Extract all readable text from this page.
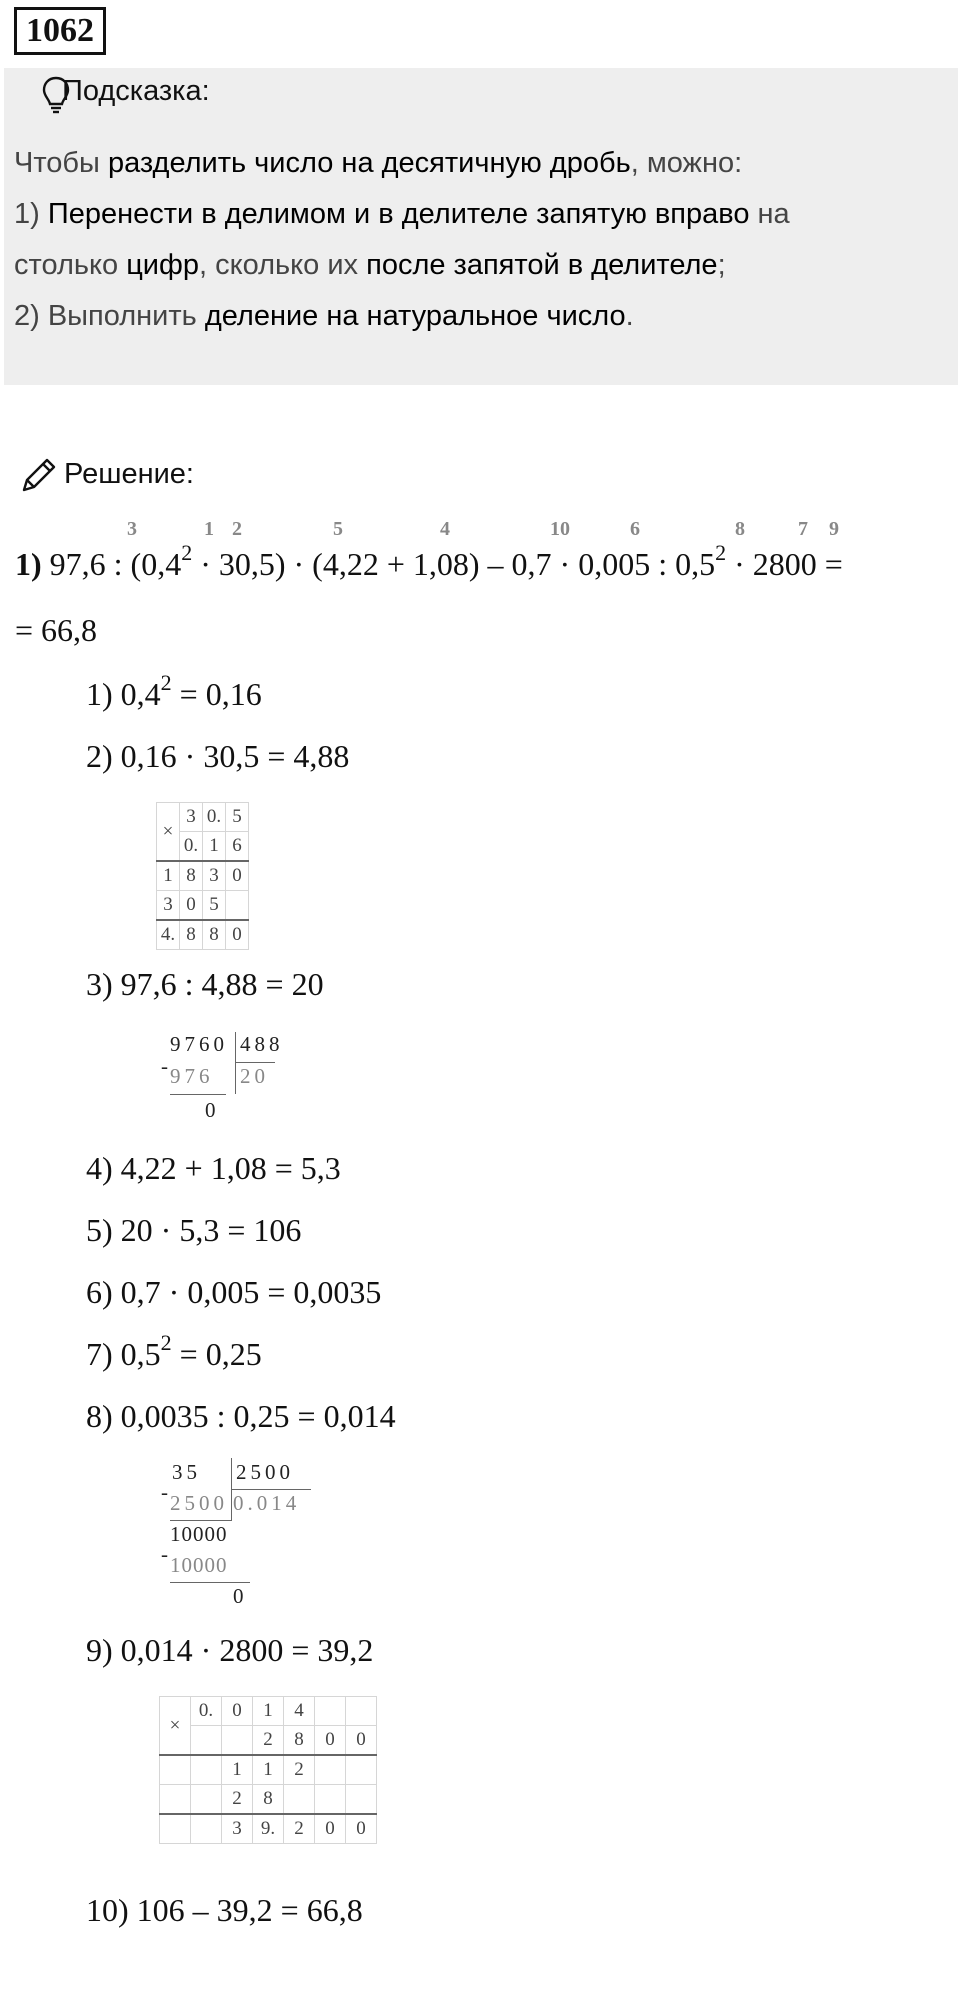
1062
Подсказка:
Чтобы разделить число на десятичную дробь, можно:
1) Перенести в делимом и в делителе запятую вправо на
столько цифр, сколько их после запятой в делителе;
2) Выполнить деление на натуральное число.
Решение:
3	1 2	5	4	10	6	8	7 9
1) 97,6 : $(0,4^2 \cdot 30,5) \cdot (4,22 + 1,08) - 0,7 \cdot 0,005$ : $0,5^2 \cdot 2800$ =
= 66,8
1) $0,4^2 = 0,16$
2) 0,16 · 30,5 = 4,88
×	3	0.	5
	0.	1	6
1	8	3	0
3	0	5	
4.	8	8	0
3) 97,6 : 4,88 = 20
9760 488
-
976 20
0
4) 4,22 + 1,08 = 5,3
5) 20 · 5,3 = 106
6) 0,7 · 0,005 = 0,0035
7) $0,5^2 = 0,25$
8) 0,0035 : 0,25 = 0,014
35 2500
-
2500 0.014
10000
-
10000
0
9) 0,014 · 2800 = 39,2
×	0.	0	1	4		
			2	8	0	0
		1	1	2		
		2	8			
		3	9.	2	0	0
10) 106 – 39,2 = 66,8
